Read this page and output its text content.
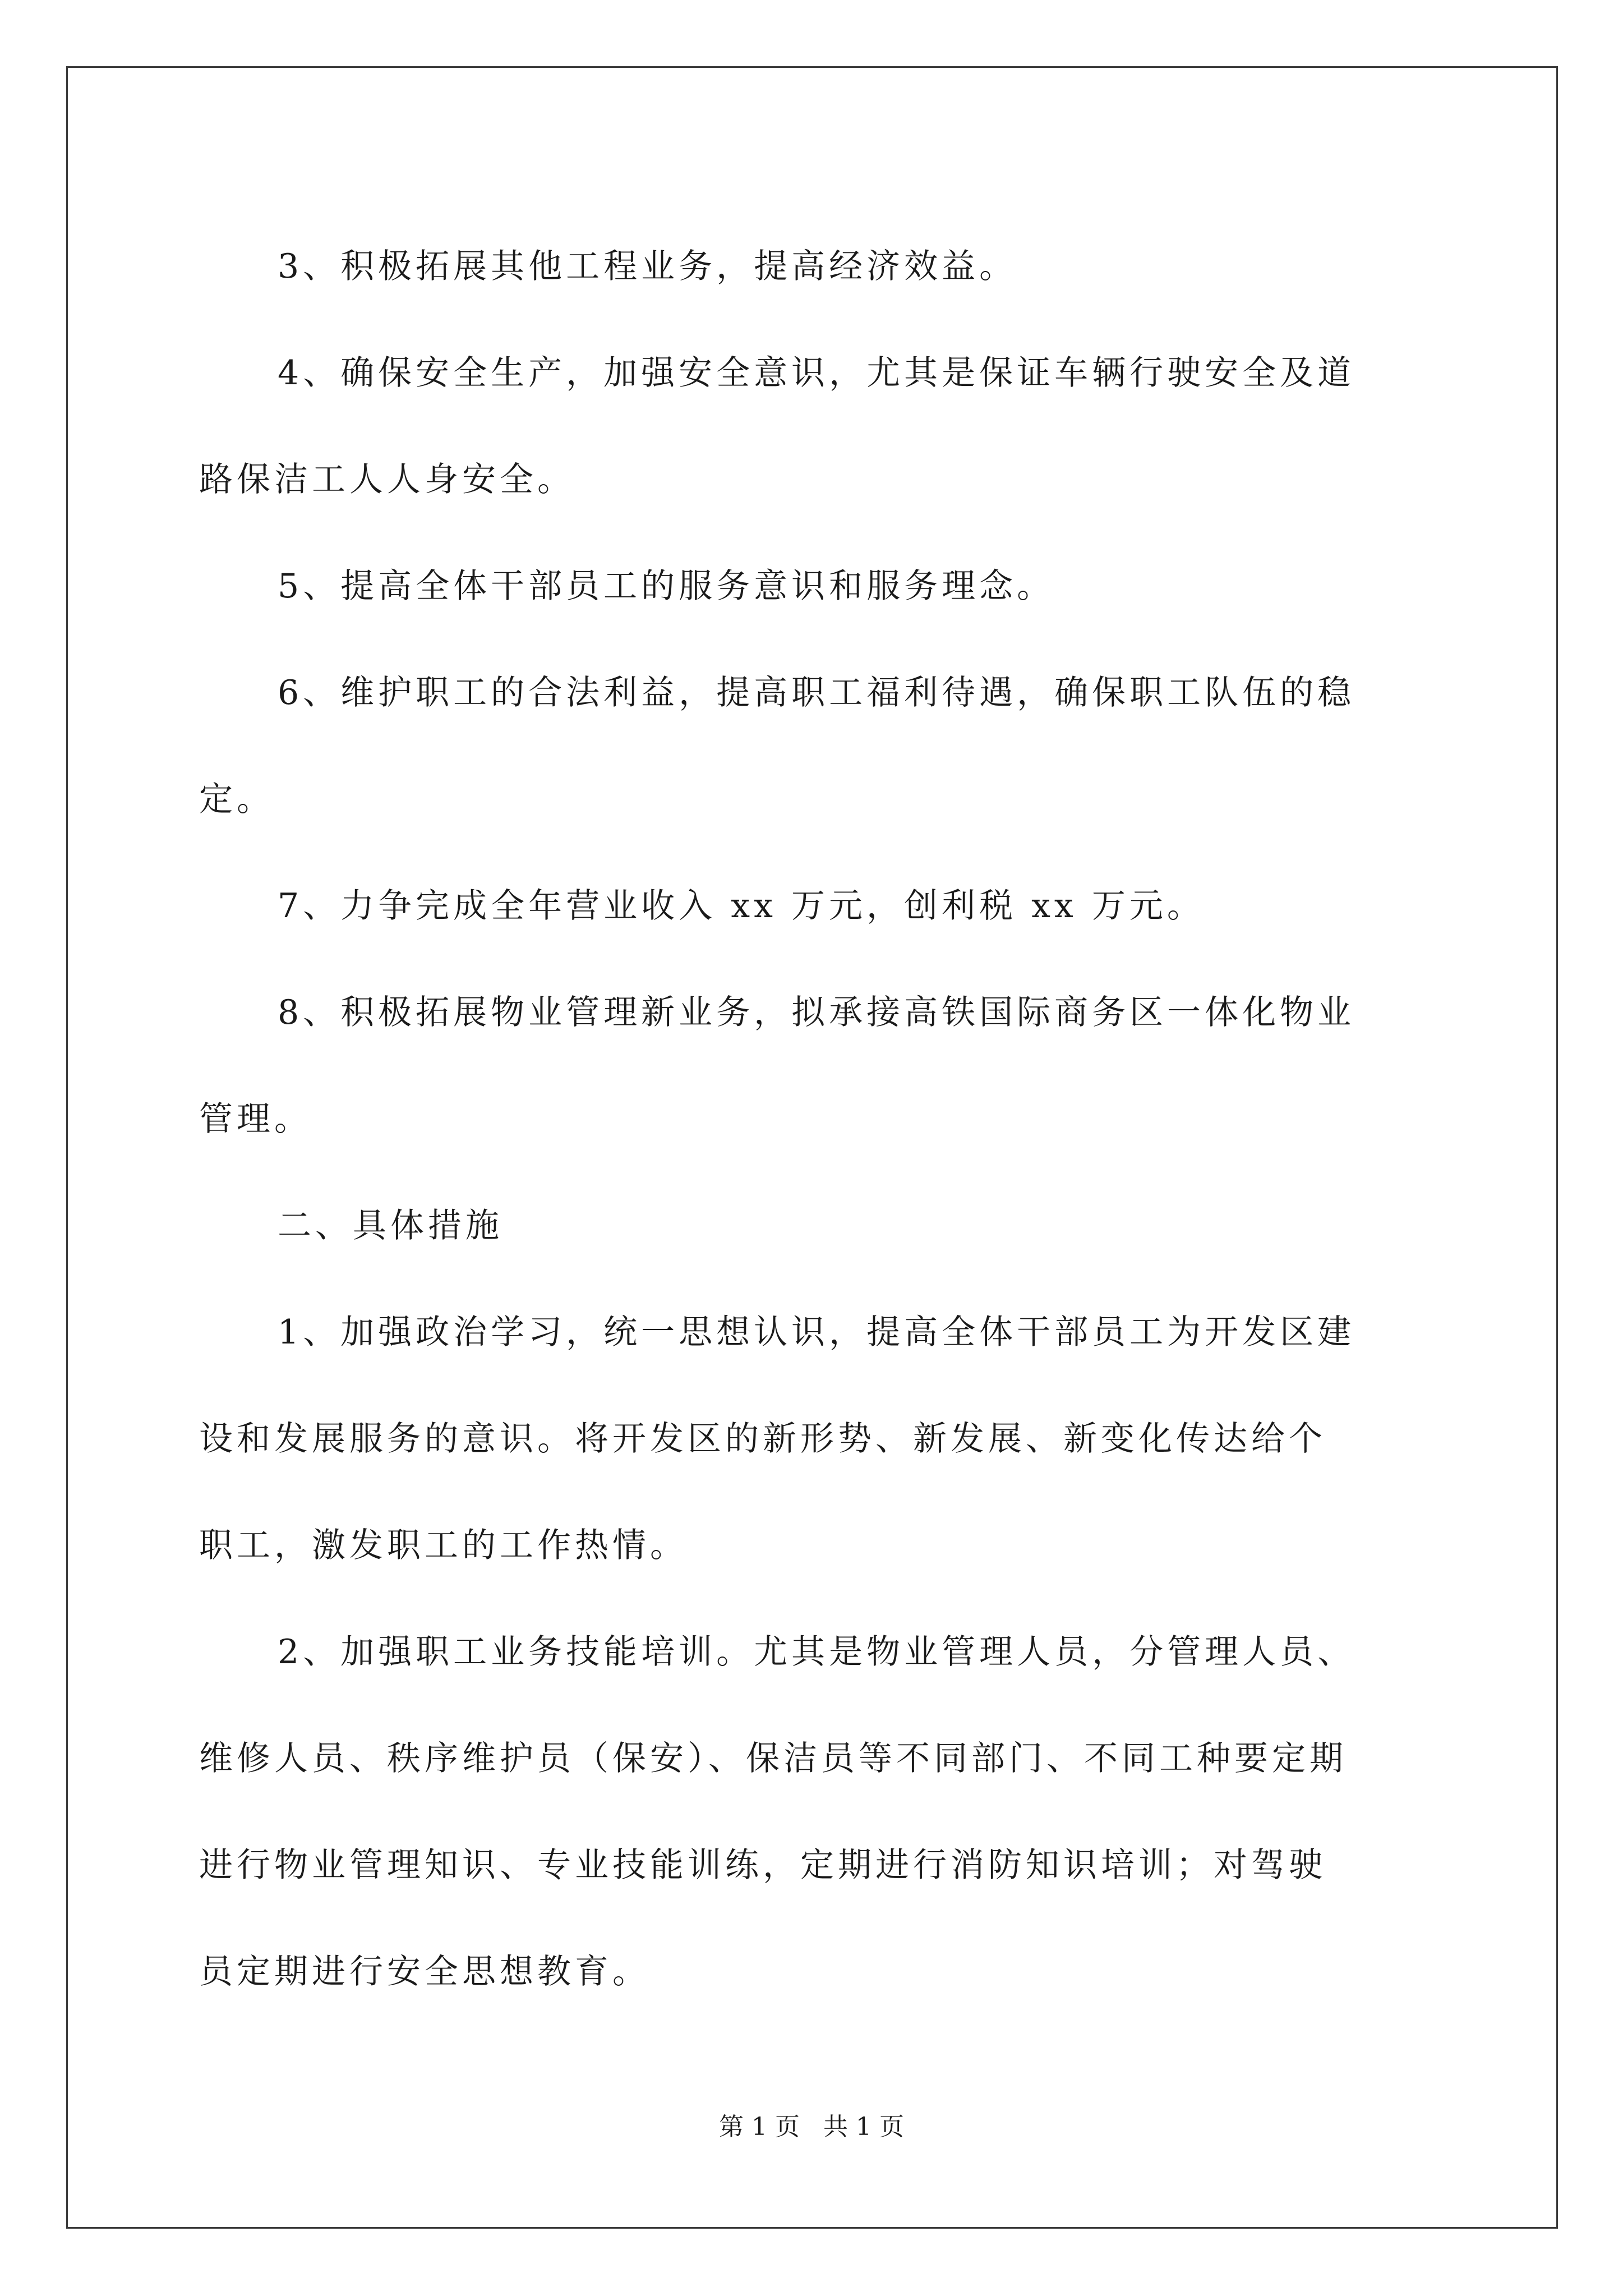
3、积极拓展其他工程业务，提高经济效益。

4、确保安全生产，加强安全意识，尤其是保证车辆行驶安全及道

路保洁工人人身安全。

5、提高全体干部员工的服务意识和服务理念。

6、维护职工的合法利益，提高职工福利待遇，确保职工队伍的稳

定。

7、力争完成全年营业收入 xx 万元，创利税 xx 万元。

8、积极拓展物业管理新业务，拟承接高铁国际商务区一体化物业

管理。

二、具体措施

1、加强政治学习，统一思想认识，提高全体干部员工为开发区建

设和发展服务的意识。将开发区的新形势、新发展、新变化传达给个

职工，激发职工的工作热情。

2、加强职工业务技能培训。尤其是物业管理人员，分管理人员、

维修人员、秩序维护员（保安）、保洁员等不同部门、不同工种要定期

进行物业管理知识、专业技能训练，定期进行消防知识培训；对驾驶

员定期进行安全思想教育。

第 1 页   共 1 页
